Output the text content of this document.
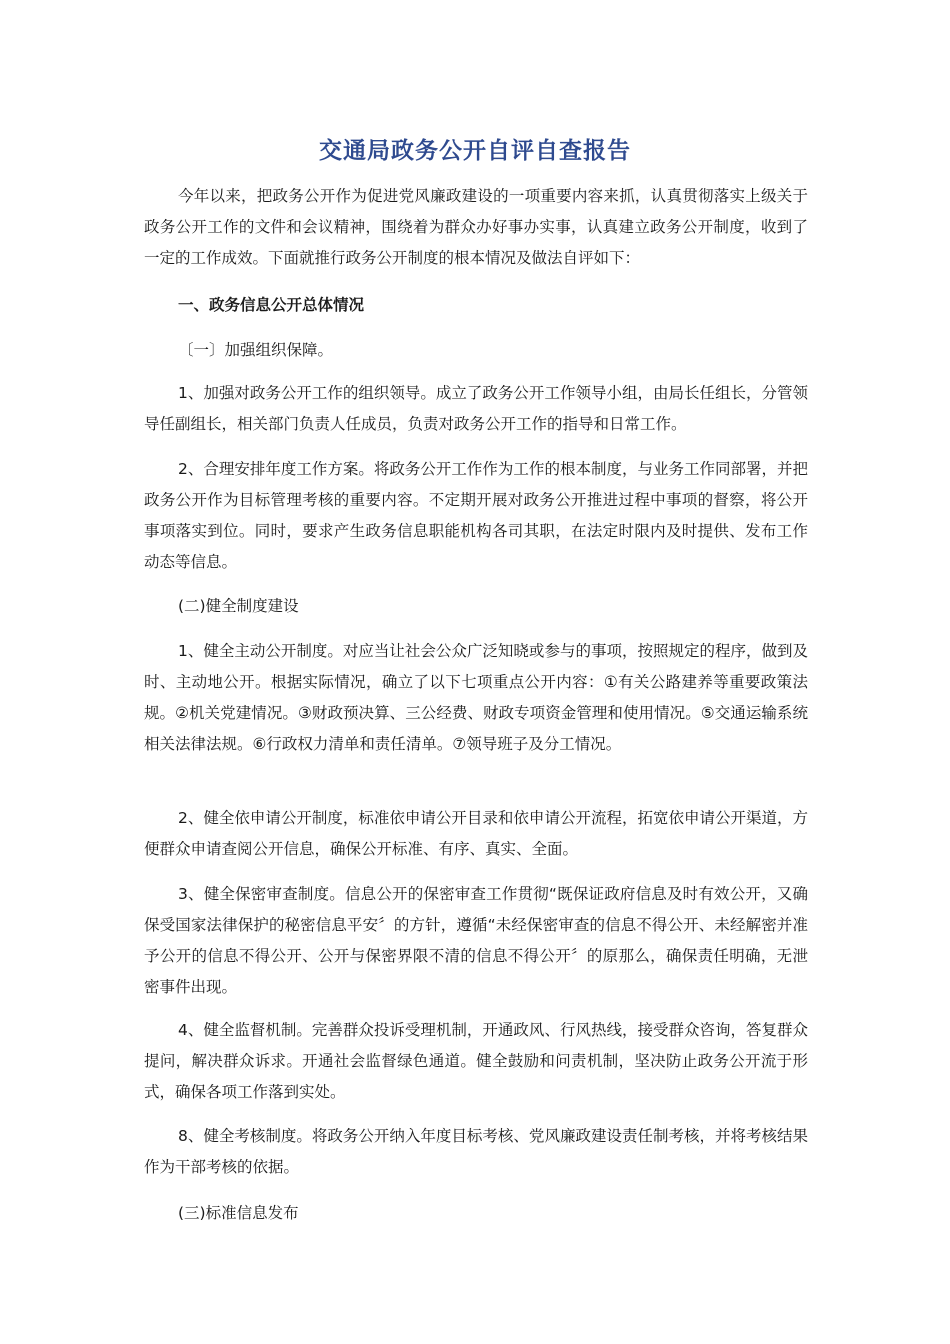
交通局政务公开自评自查报告
今年以来，把政务公开作为促进党风廉政建设的一项重要内容来抓，认真贯彻落实上级关于政务公开工作的文件和会议精神，围绕着为群众办好事办实事，认真建立政务公开制度，收到了一定的工作成效。下面就推行政务公开制度的根本情况及做法自评如下：
一、政务信息公开总体情况
〔一〕加强组织保障。
1、加强对政务公开工作的组织领导。成立了政务公开工作领导小组，由局长任组长，分管领导任副组长，相关部门负责人任成员，负责对政务公开工作的指导和日常工作。
2、合理安排年度工作方案。将政务公开工作作为工作的根本制度，与业务工作同部署，并把政务公开作为目标管理考核的重要内容。不定期开展对政务公开推进过程中事项的督察，将公开事项落实到位。同时，要求产生政务信息职能机构各司其职，在法定时限内及时提供、发布工作动态等信息。
(二)健全制度建设
1、健全主动公开制度。对应当让社会公众广泛知晓或参与的事项，按照规定的程序，做到及时、主动地公开。根据实际情况，确立了以下七项重点公开内容：①有关公路建养等重要政策法规。②机关党建情况。③财政预决算、三公经费、财政专项资金管理和使用情况。⑤交通运输系统相关法律法规。⑥行政权力清单和责任清单。⑦领导班子及分工情况。
2、健全依申请公开制度，标准依申请公开目录和依申请公开流程，拓宽依申请公开渠道，方便群众申请查阅公开信息，确保公开标准、有序、真实、全面。
3、健全保密审查制度。信息公开的保密审查工作贯彻“既保证政府信息及时有效公开，又确保受国家法律保护的秘密信息平安〞的方针，遵循“未经保密审查的信息不得公开、未经解密并准予公开的信息不得公开、公开与保密界限不清的信息不得公开〞的原那么，确保责任明确，无泄密事件出现。
4、健全监督机制。完善群众投诉受理机制，开通政风、行风热线，接受群众咨询，答复群众提问，解决群众诉求。开通社会监督绿色通道。健全鼓励和问责机制，坚决防止政务公开流于形式，确保各项工作落到实处。
8、健全考核制度。将政务公开纳入年度目标考核、党风廉政建设责任制考核，并将考核结果作为干部考核的依据。
(三)标准信息发布
